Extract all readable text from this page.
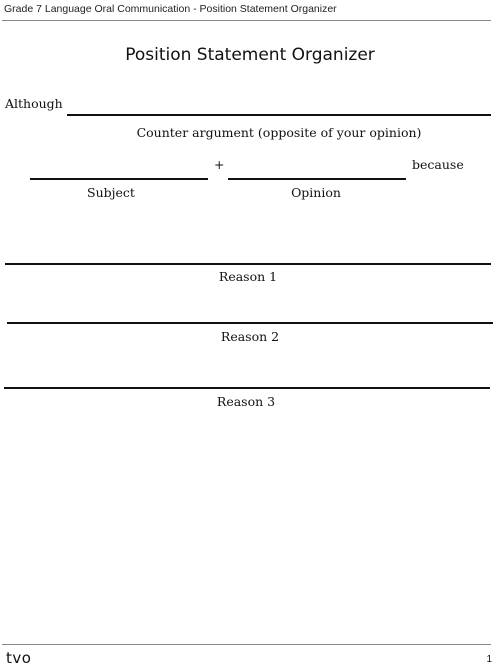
Grade 7 Language Oral Communication - Position Statement Organizer
Position Statement Organizer
Although
Counter argument (opposite of your opinion)
+	because
Subject	Opinion
Reason 1
Reason 2
Reason 3
tvo	1
